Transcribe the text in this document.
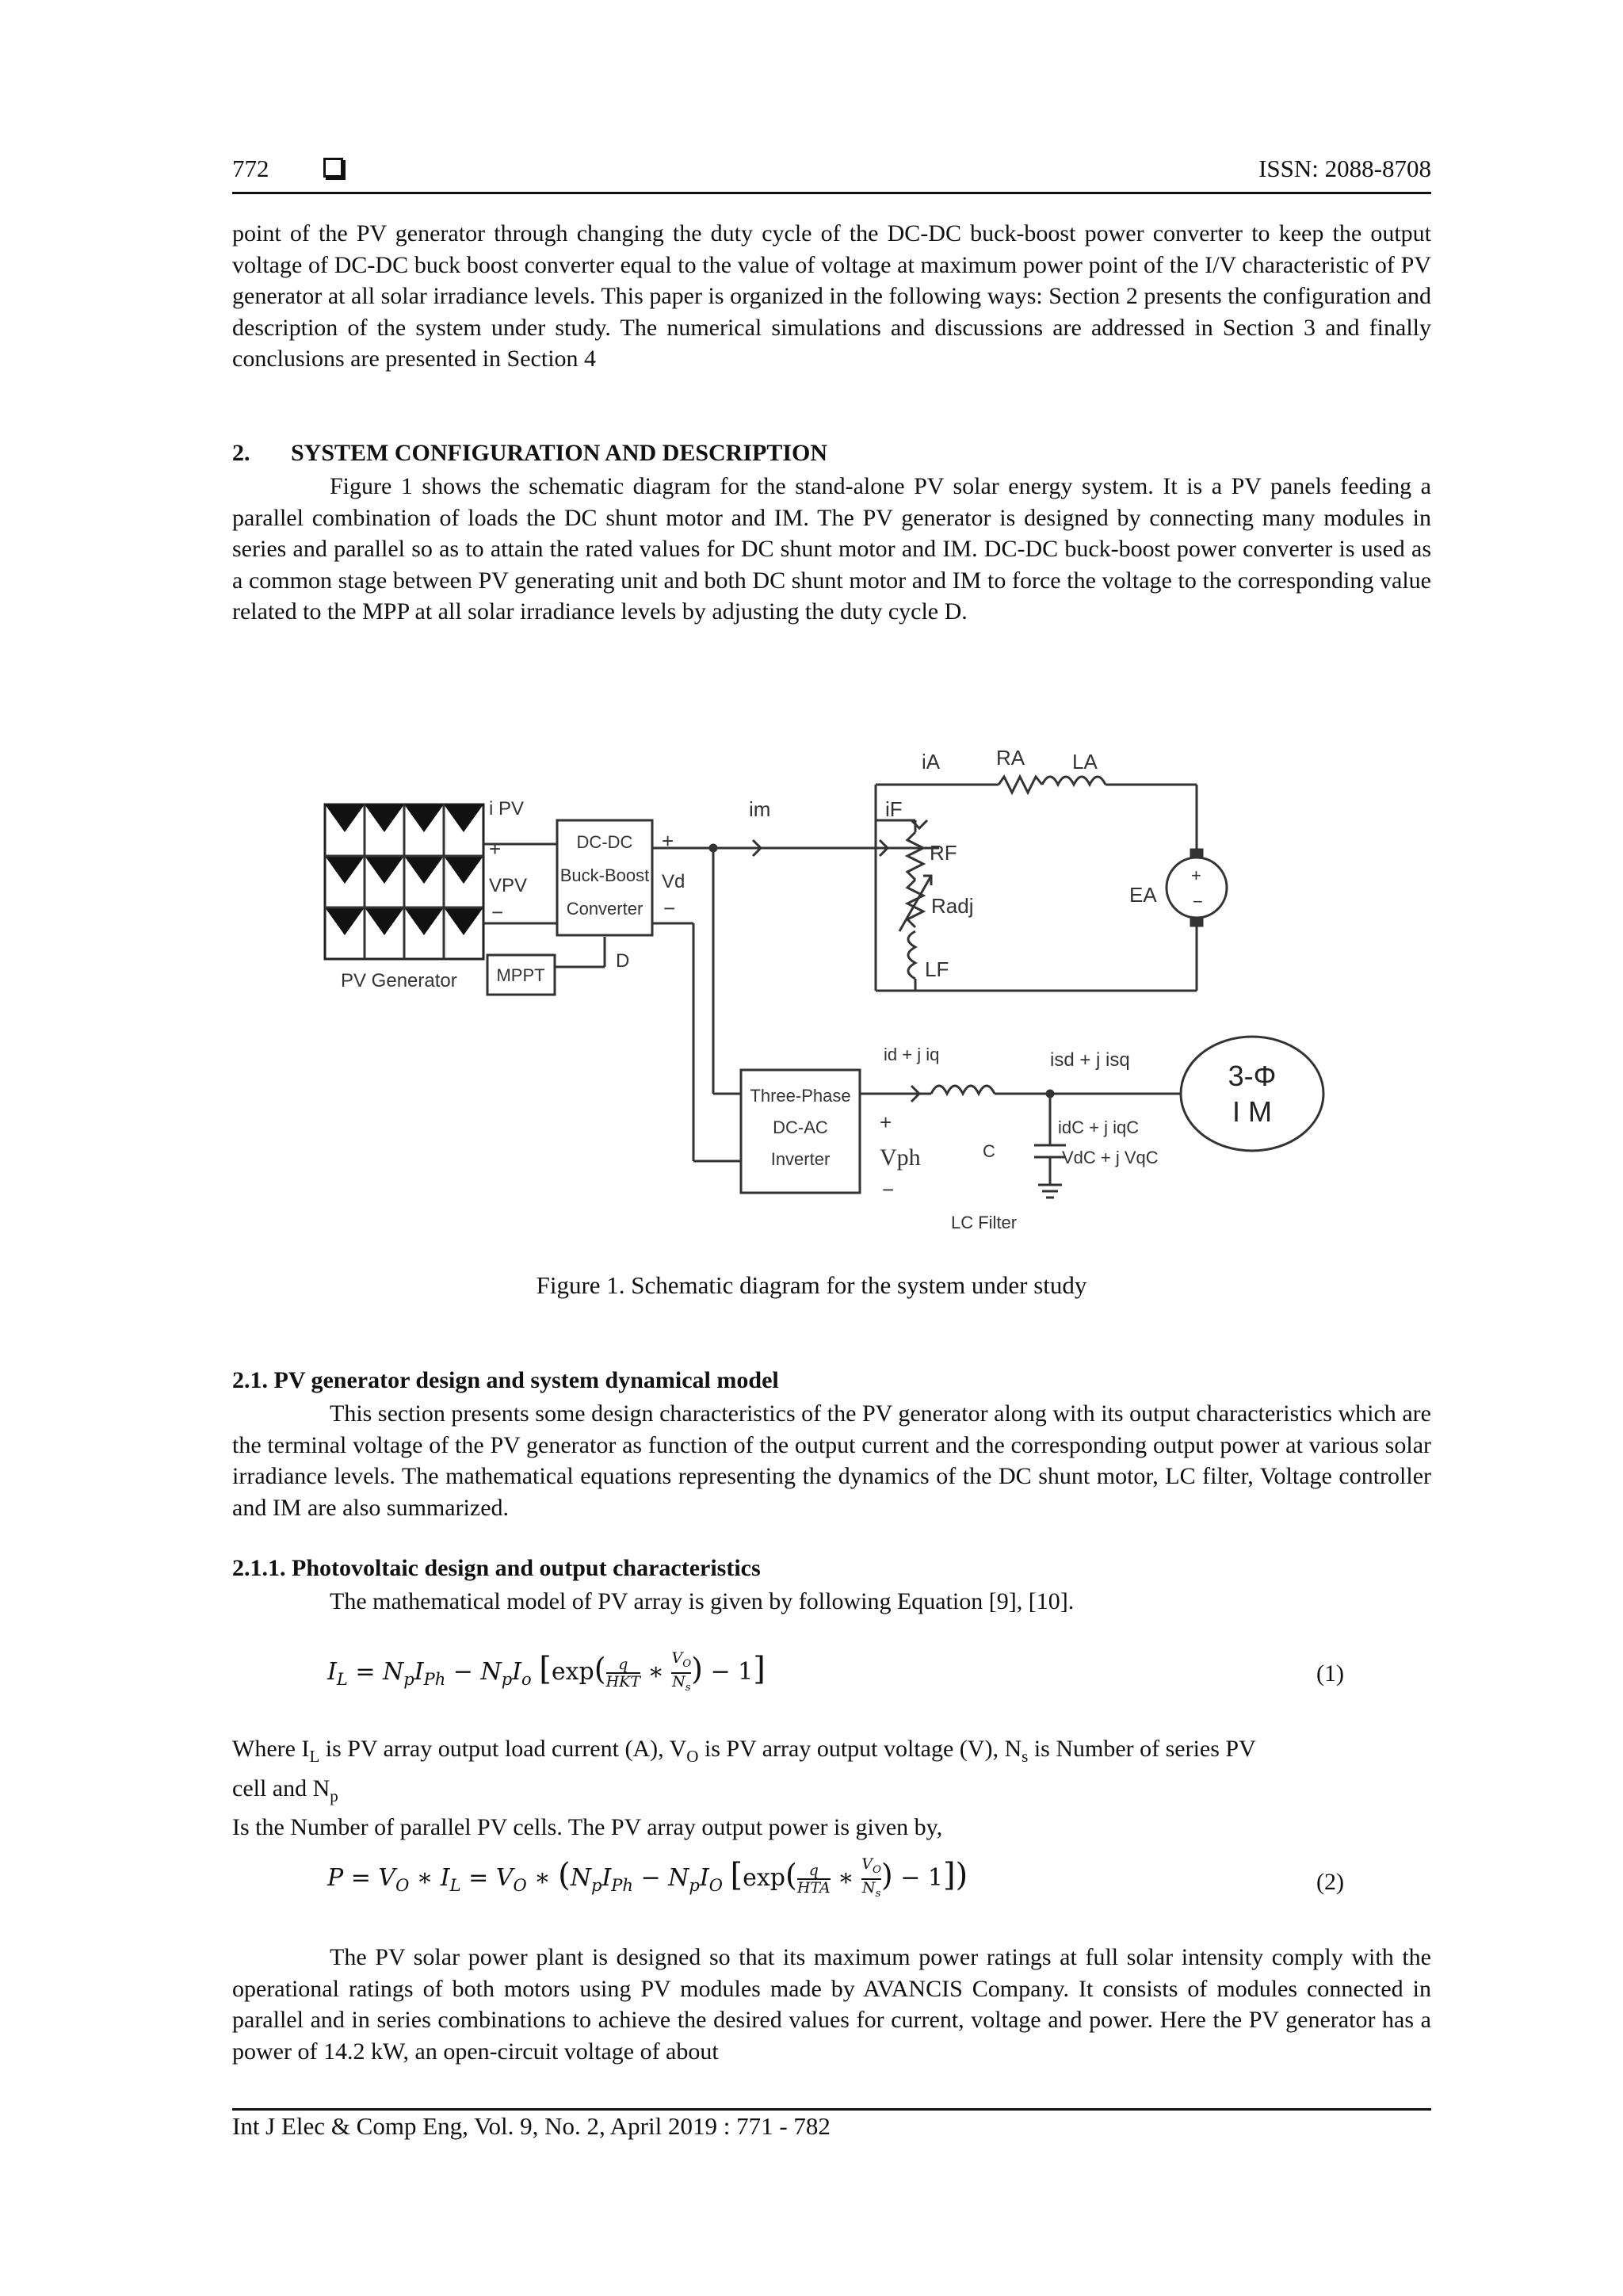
772	ISSN: 2088-8708
point of the PV generator through changing the duty cycle of the DC-DC buck-boost power converter to keep the output voltage of DC-DC buck boost converter equal to the value of voltage at maximum power point of the I/V characteristic of PV generator at all solar irradiance levels. This paper is organized in the following ways: Section 2 presents the configuration and description of the system under study. The numerical simulations and discussions are addressed in Section 3 and finally conclusions are presented in Section 4
2. SYSTEM CONFIGURATION AND DESCRIPTION
Figure 1 shows the schematic diagram for the stand-alone PV solar energy system. It is a PV panels feeding a parallel combination of loads the DC shunt motor and IM. The PV generator is designed by connecting many modules in series and parallel so as to attain the rated values for DC shunt motor and IM. DC-DC buck-boost power converter is used as a common stage between PV generating unit and both DC shunt motor and IM to force the voltage to the corresponding value related to the MPP at all solar irradiance levels by adjusting the duty cycle D.
PV Generator
i PV
+
VPV
−
DC-DC
Buck-Boost
Converter
MPPT
D
+
Vd
−
im
iA	RA LA
+
−
EA
iF
RF
Radj
LF
Three-Phase
DC-AC
Inverter
id + j iq	isd + j isq
+
Vph
−
C
idC + j iqC
VdC + j VqC
LC Filter
3-Φ
I M
Figure 1. Schematic diagram for the system under study
2.1. PV generator design and system dynamical model
This section presents some design characteristics of the PV generator along with its output characteristics which are the terminal voltage of the PV generator as function of the output current and the corresponding output power at various solar irradiance levels. The mathematical equations representing the dynamics of the DC shunt motor, LC filter, Voltage controller and IM are also summarized.
2.1.1. Photovoltaic design and output characteristics
The mathematical model of PV array is given by following Equation [9], [10].
$I_L = N_pI_{Ph} - N_pI_o$ [exp( q
HKT ∗ $\frac{V_O}{N_s}$ ) − 1]	(1)
Where $I_L$ is PV array output load current (A), $V_O$ is PV array output voltage (V), $N_s$ is Number of series PV
cell and $N_p$
Is the Number of parallel PV cells. The PV array output power is given by,
$P = V_O$ ∗ $I_L = V_O$ ∗ ($N_pI_{Ph} - N_pI_O$ [exp( q
HTA ∗ $\frac{V_O}{N_s}$ ) − 1])	(2)
The PV solar power plant is designed so that its maximum power ratings at full solar intensity comply with the operational ratings of both motors using PV modules made by AVANCIS Company. It consists of modules connected in parallel and in series combinations to achieve the desired values for current, voltage and power. Here the PV generator has a power of 14.2 kW, an open-circuit voltage of about
Int J Elec & Comp Eng, Vol. 9, No. 2, April 2019 : 771 - 782
